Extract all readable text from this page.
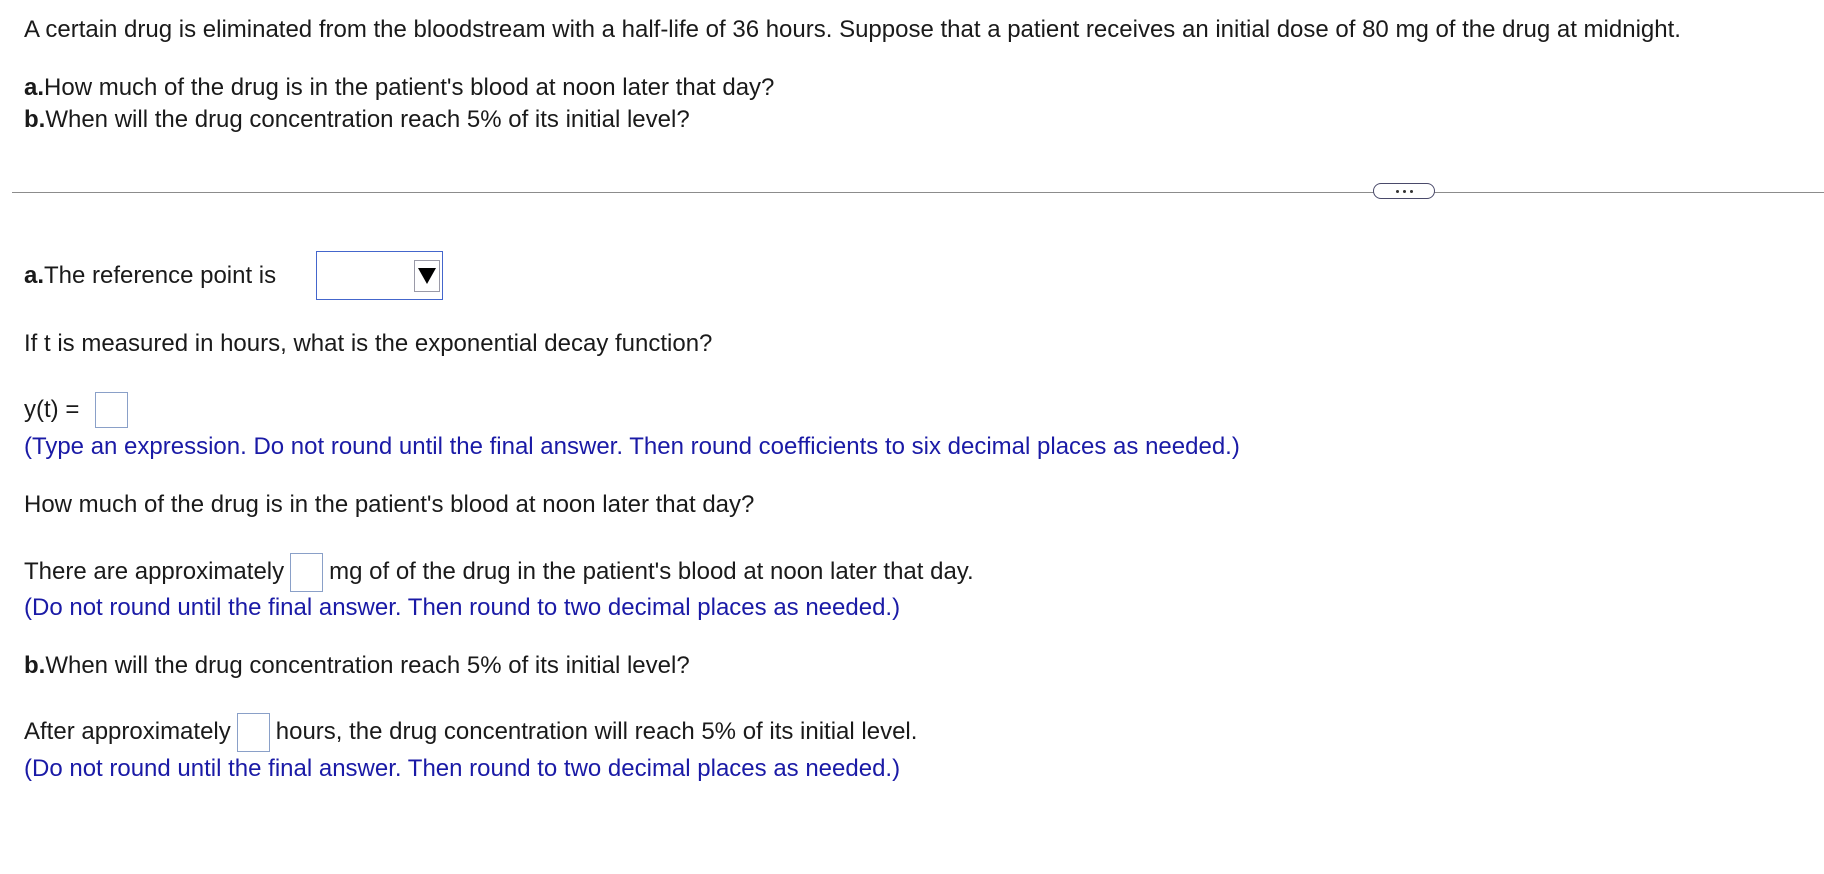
A certain drug is eliminated from the bloodstream with a half-life of 36 hours. Suppose that a patient receives an initial dose of 80 mg of the drug at midnight.
a. How much of the drug is in the patient's blood at noon later that day?
b. When will the drug concentration reach 5% of its initial level?
a. The reference point is
If t is measured in hours, what is the exponential decay function?
y(t) =
(Type an expression. Do not round until the final answer. Then round coefficients to six decimal places as needed.)
How much of the drug is in the patient's blood at noon later that day?
There are approximately mg of of the drug in the patient's blood at noon later that day.
(Do not round until the final answer. Then round to two decimal places as needed.)
b. When will the drug concentration reach 5% of its initial level?
After approximately hours, the drug concentration will reach 5% of its initial level.
(Do not round until the final answer. Then round to two decimal places as needed.)
